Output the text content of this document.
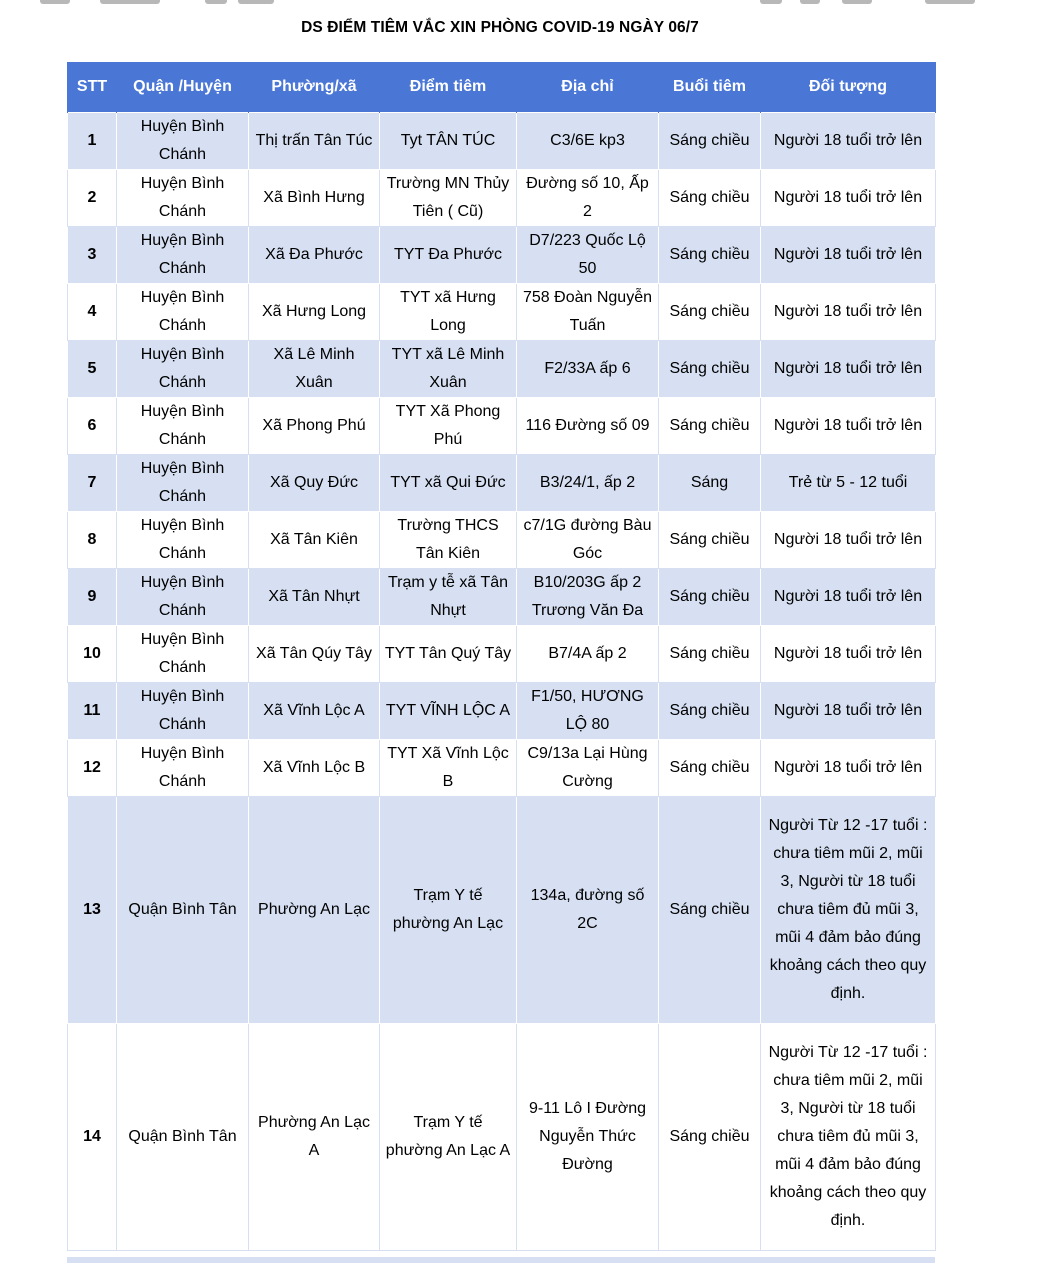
DS ĐIỂM TIÊM VẮC XIN PHÒNG COVID-19 NGÀY 06/7
STT	Quận /Huyện	Phường/xã	Điểm tiêm	Địa chỉ	Buổi tiêm	Đối tượng
1	Huyện Bình Chánh	Thị trấn Tân Túc	Tyt TÂN TÚC	C3/6E kp3	Sáng chiều	Người 18 tuổi trở lên
2	Huyện Bình Chánh	Xã Bình Hưng	Trường MN Thủy Tiên ( Cũ)	Đường số 10, Ấp 2	Sáng chiều	Người 18 tuổi trở lên
3	Huyện Bình Chánh	Xã Đa Phước	TYT Đa Phước	D7/223 Quốc Lộ 50	Sáng chiều	Người 18 tuổi trở lên
4	Huyện Bình Chánh	Xã Hưng Long	TYT xã Hưng Long	758 Đoàn Nguyễn Tuấn	Sáng chiều	Người 18 tuổi trở lên
5	Huyện Bình Chánh	Xã Lê Minh Xuân	TYT xã Lê Minh Xuân	F2/33A ấp 6	Sáng chiều	Người 18 tuổi trở lên
6	Huyện Bình Chánh	Xã Phong Phú	TYT Xã Phong Phú	116 Đường số 09	Sáng chiều	Người 18 tuổi trở lên
7	Huyện Bình Chánh	Xã Quy Đức	TYT xã Qui Đức	B3/24/1, ấp 2	Sáng	Trẻ từ 5 - 12 tuổi
8	Huyện Bình Chánh	Xã Tân Kiên	Trường THCS Tân Kiên	c7/1G đường Bàu Góc	Sáng chiều	Người 18 tuổi trở lên
9	Huyện Bình Chánh	Xã Tân Nhựt	Trạm y tễ xã Tân Nhựt	B10/203G ấp 2 Trương Văn Đa	Sáng chiều	Người 18 tuổi trở lên
10	Huyện Bình Chánh	Xã Tân Qúy Tây	TYT Tân Quý Tây	B7/4A ấp 2	Sáng chiều	Người 18 tuổi trở lên
11	Huyện Bình Chánh	Xã Vĩnh Lộc A	TYT VĨNH LỘC A	F1/50, HƯƠNG LỘ 80	Sáng chiều	Người 18 tuổi trở lên
12	Huyện Bình Chánh	Xã Vĩnh Lộc B	TYT Xã Vĩnh Lộc B	C9/13a Lại Hùng Cường	Sáng chiều	Người 18 tuổi trở lên
13	Quận Bình Tân	Phường An Lạc	Trạm Y tế phường An Lạc	134a, đường số 2C	Sáng chiều	Người Từ 12 -17 tuổi : chưa tiêm mũi 2, mũi 3, Người từ 18 tuổi chưa tiêm đủ mũi 3, mũi 4 đảm bảo đúng khoảng cách theo quy định.
14	Quận Bình Tân	Phường An Lạc A	Trạm Y tế phường An Lạc A	9-11 Lô I Đường Nguyễn Thức Đường	Sáng chiều	Người Từ 12 -17 tuổi : chưa tiêm mũi 2, mũi 3, Người từ 18 tuổi chưa tiêm đủ mũi 3, mũi 4 đảm bảo đúng khoảng cách theo quy định.
